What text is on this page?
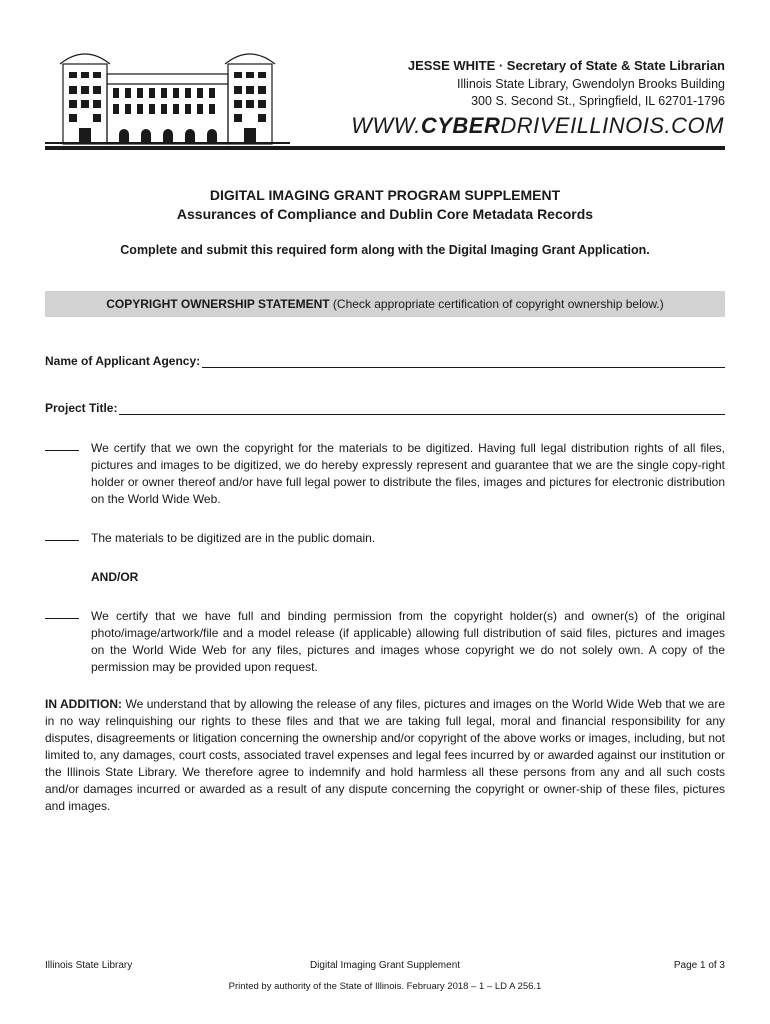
JESSE WHITE · Secretary of State & State Librarian
Illinois State Library, Gwendolyn Brooks Building
300 S. Second St., Springfield, IL 62701-1796
WWW.CYBERDRIVEILLINOIS.COM
DIGITAL IMAGING GRANT PROGRAM SUPPLEMENT
Assurances of Compliance and Dublin Core Metadata Records
Complete and submit this required form along with the Digital Imaging Grant Application.
COPYRIGHT OWNERSHIP STATEMENT (Check appropriate certification of copyright ownership below.)
Name of Applicant Agency:
Project Title:
We certify that we own the copyright for the materials to be digitized. Having full legal distribution rights of all files, pictures and images to be digitized, we do hereby expressly represent and guarantee that we are the single copy-right holder or owner thereof and/or have full legal power to distribute the files, images and pictures for electronic distribution on the World Wide Web.
The materials to be digitized are in the public domain.
AND/OR
We certify that we have full and binding permission from the copyright holder(s) and owner(s) of the original photo/image/artwork/file and a model release (if applicable) allowing full distribution of said files, pictures and images on the World Wide Web for any files, pictures and images whose copyright we do not solely own. A copy of the permission may be provided upon request.
IN ADDITION: We understand that by allowing the release of any files, pictures and images on the World Wide Web that we are in no way relinquishing our rights to these files and that we are taking full legal, moral and financial responsibility for any disputes, disagreements or litigation concerning the ownership and/or copyright of the above works or images, including, but not limited to, any damages, court costs, associated travel expenses and legal fees incurred by or awarded against our institution or the Illinois State Library. We therefore agree to indemnify and hold harmless all these persons from any and all such costs and/or damages incurred or awarded as a result of any dispute concerning the copyright or owner-ship of these files, pictures and images.
Illinois State Library	Digital Imaging Grant Supplement	Page 1 of 3
Printed by authority of the State of Illinois. February 2018 – 1 – LD A 256.1
